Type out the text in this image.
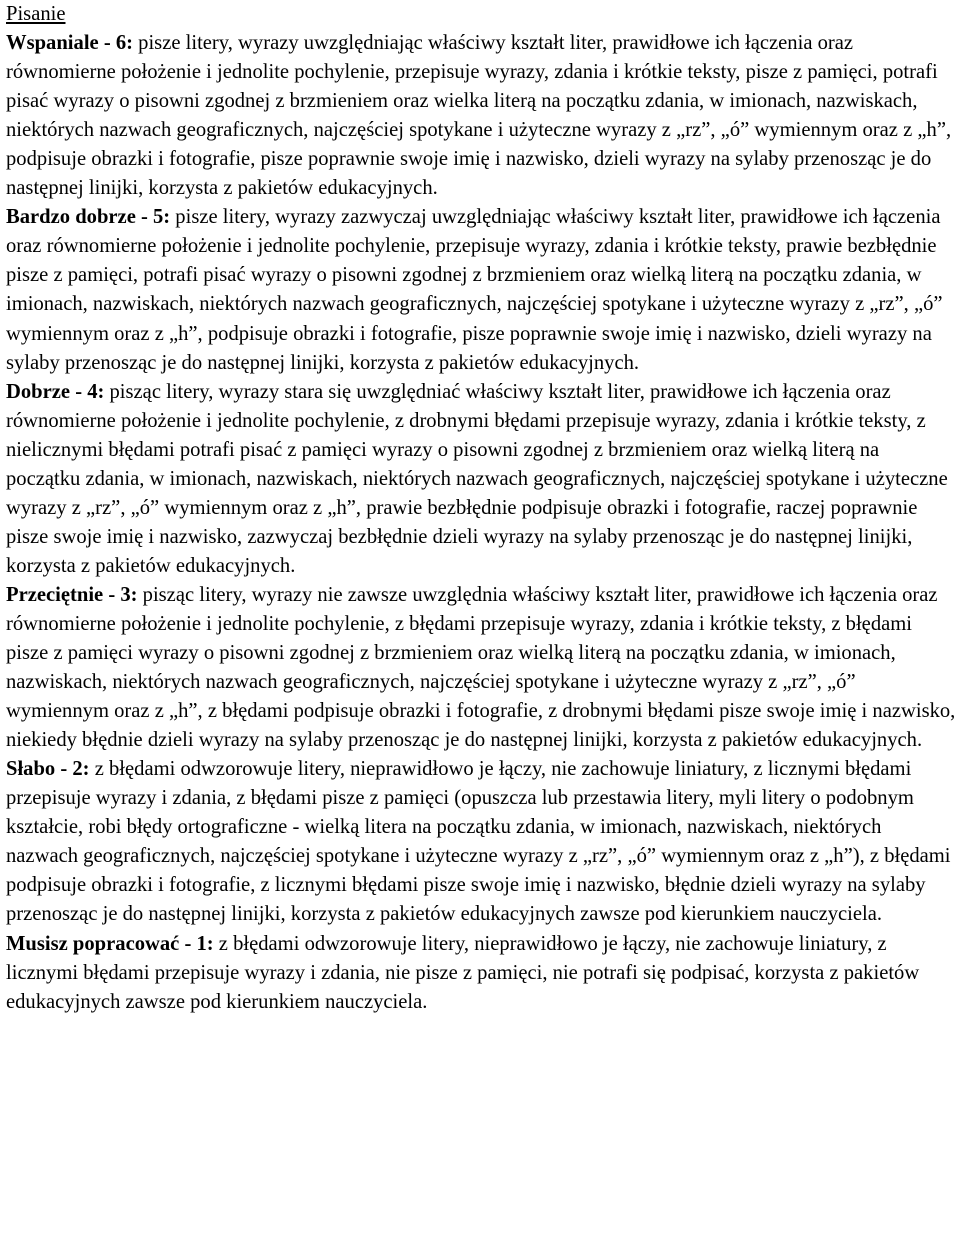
Pisanie

Wspaniale - 6: pisze litery, wyrazy uwzględniając właściwy kształt liter, prawidłowe ich łączenia oraz równomierne położenie i jednolite pochylenie, przepisuje wyrazy, zdania i krótkie teksty, pisze z pamięci, potrafi pisać wyrazy o pisowni zgodnej z brzmieniem oraz wielka literą na początku zdania, w imionach, nazwiskach, niektórych nazwach geograficznych, najczęściej spotykane i użyteczne wyrazy z „rz”, „ó” wymiennym oraz z „h”, podpisuje obrazki i fotografie, pisze poprawnie swoje imię i nazwisko, dzieli wyrazy na sylaby przenosząc je do następnej linijki, korzysta z pakietów edukacyjnych.

Bardzo dobrze - 5: pisze litery, wyrazy zazwyczaj uwzględniając właściwy kształt liter, prawidłowe ich łączenia oraz równomierne położenie i jednolite pochylenie, przepisuje wyrazy, zdania i krótkie teksty, prawie bezbłędnie pisze z pamięci, potrafi pisać wyrazy o pisowni zgodnej z brzmieniem oraz wielką literą na początku zdania, w imionach, nazwiskach, niektórych nazwach geograficznych, najczęściej spotykane i użyteczne wyrazy z „rz”, „ó” wymiennym oraz z „h”, podpisuje obrazki i fotografie, pisze poprawnie swoje imię i nazwisko, dzieli wyrazy na sylaby przenosząc je do następnej linijki, korzysta z pakietów edukacyjnych.

Dobrze - 4: pisząc litery, wyrazy stara się uwzględniać właściwy kształt liter, prawidłowe ich łączenia oraz równomierne położenie i jednolite pochylenie, z drobnymi błędami przepisuje wyrazy, zdania i krótkie teksty, z nielicznymi błędami potrafi pisać z pamięci wyrazy o pisowni zgodnej z brzmieniem oraz wielką literą na początku zdania, w imionach, nazwiskach, niektórych nazwach geograficznych, najczęściej spotykane i użyteczne wyrazy z „rz”, „ó” wymiennym oraz z „h”, prawie bezbłędnie podpisuje obrazki i fotografie, raczej poprawnie pisze swoje imię i nazwisko, zazwyczaj bezbłędnie dzieli wyrazy na sylaby przenosząc je do następnej linijki, korzysta z pakietów edukacyjnych.

Przeciętnie - 3: pisząc litery, wyrazy nie zawsze uwzględnia właściwy kształt liter, prawidłowe ich łączenia oraz równomierne położenie i jednolite pochylenie, z błędami przepisuje wyrazy, zdania i krótkie teksty, z błędami pisze z pamięci wyrazy o pisowni zgodnej z brzmieniem oraz wielką literą na początku zdania, w imionach, nazwiskach, niektórych nazwach geograficznych, najczęściej spotykane i użyteczne wyrazy z „rz”, „ó” wymiennym oraz z „h”, z błędami podpisuje obrazki i fotografie, z drobnymi błędami pisze swoje imię i nazwisko, niekiedy błędnie dzieli wyrazy na sylaby przenosząc je do następnej linijki, korzysta z pakietów edukacyjnych.

Słabo - 2: z błędami odwzorowuje litery, nieprawidłowo je łączy, nie zachowuje liniatury, z licznymi błędami przepisuje wyrazy i zdania, z błędami pisze z pamięci (opuszcza lub przestawia litery, myli litery o podobnym kształcie, robi błędy ortograficzne - wielką litera na początku zdania, w imionach, nazwiskach, niektórych nazwach geograficznych, najczęściej spotykane i użyteczne wyrazy z „rz”, „ó” wymiennym oraz z „h”), z błędami podpisuje obrazki i fotografie, z licznymi błędami pisze swoje imię i nazwisko, błędnie dzieli wyrazy na sylaby przenosząc je do następnej linijki, korzysta z pakietów edukacyjnych zawsze pod kierunkiem nauczyciela.

Musisz popracować - 1: z błędami odwzorowuje litery, nieprawidłowo je łączy, nie zachowuje liniatury, z licznymi błędami przepisuje wyrazy i zdania, nie pisze z pamięci, nie potrafi się podpisać, korzysta z pakietów edukacyjnych zawsze pod kierunkiem nauczyciela.
